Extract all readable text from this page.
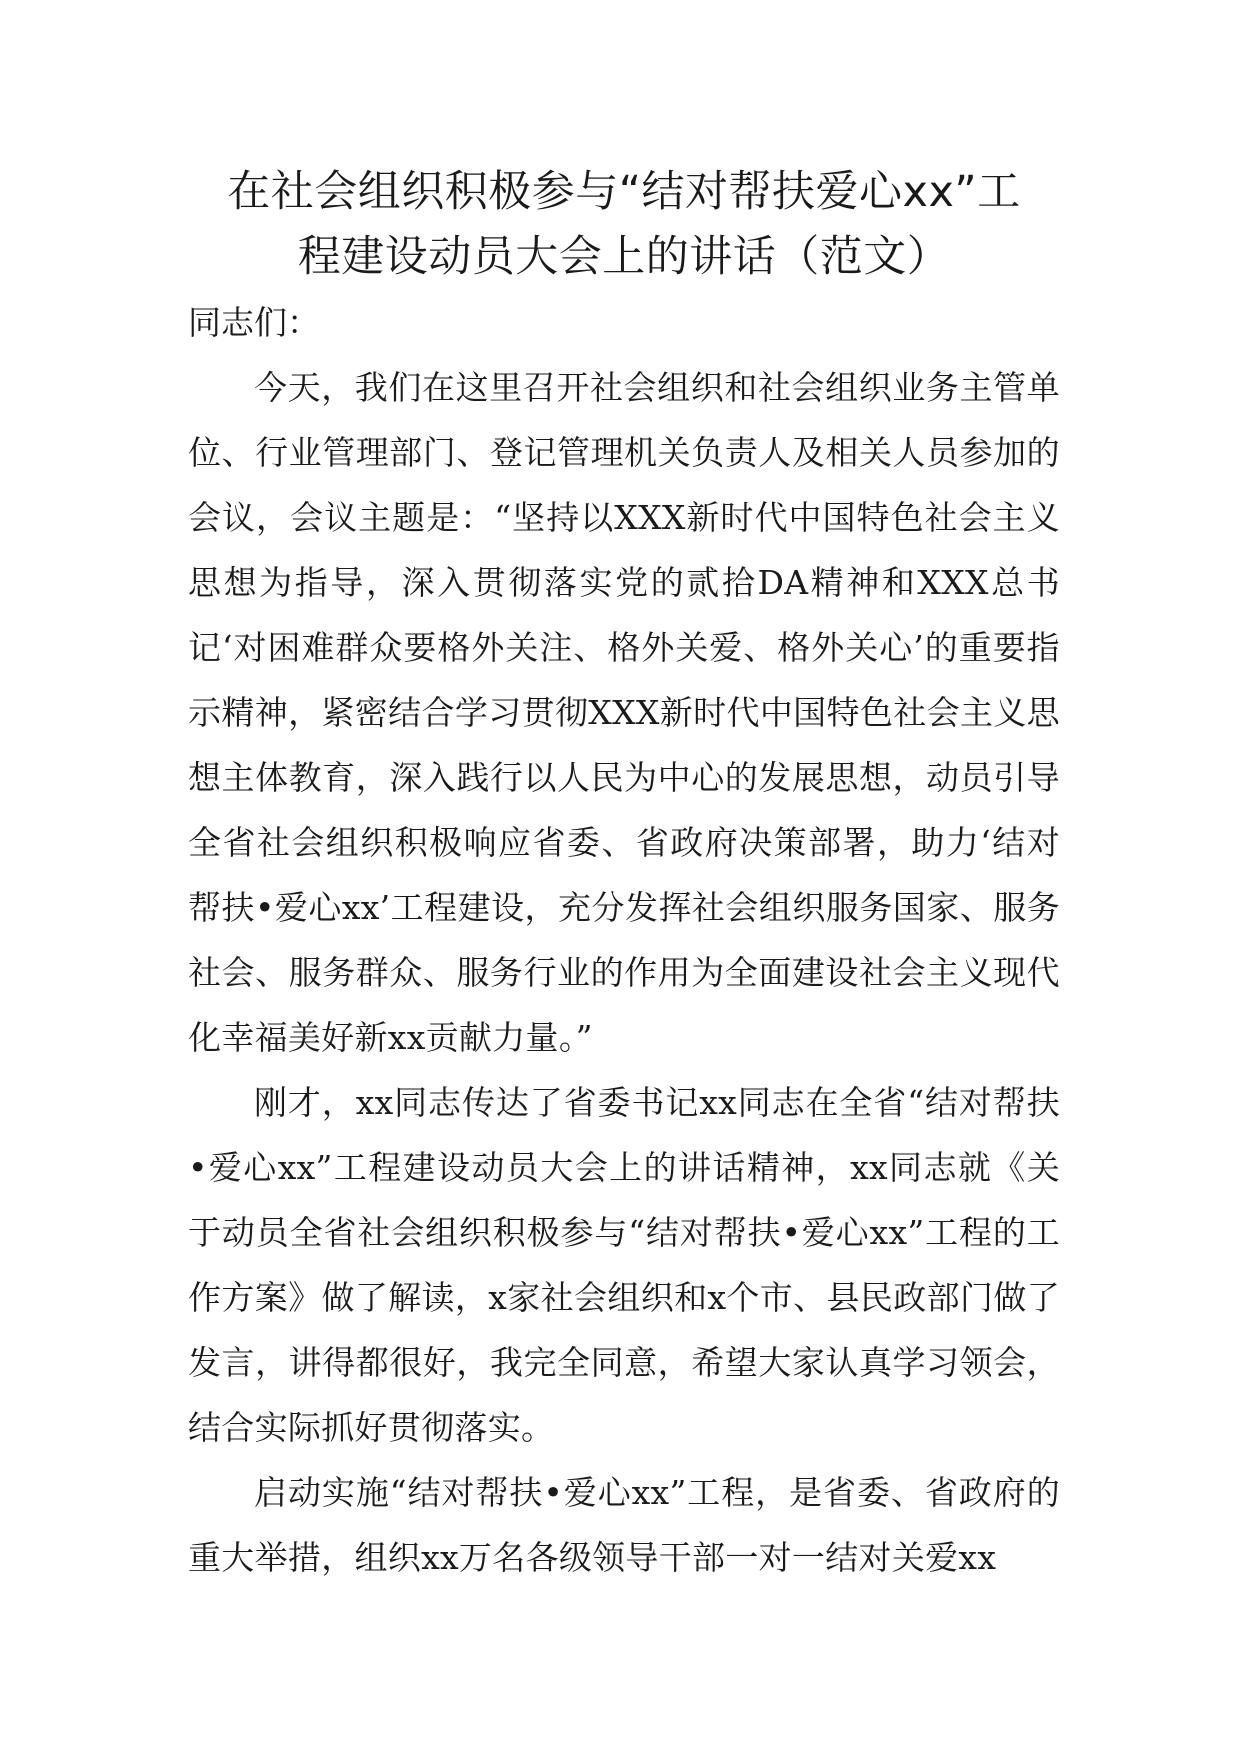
在社会组织积极参与“结对帮扶爱心xx”工
程建设动员大会上的讲话（范文）

同志们：

今天，我们在这里召开社会组织和社会组织业务主管单位、行业管理部门、登记管理机关负责人及相关人员参加的会议，会议主题是：“坚持以XXX新时代中国特色社会主义思想为指导，深入贯彻落实党的贰拾DA精神和XXX总书记‘对困难群众要格外关注、格外关爱、格外关心’的重要指示精神，紧密结合学习贯彻XXX新时代中国特色社会主义思想主体教育，深入践行以人民为中心的发展思想，动员引导全省社会组织积极响应省委、省政府决策部署，助力‘结对帮扶•爱心xx’工程建设，充分发挥社会组织服务国家、服务社会、服务群众、服务行业的作用为全面建设社会主义现代化幸福美好新xx贡献力量。”

刚才，xx同志传达了省委书记xx同志在全省“结对帮扶•爱心xx”工程建设动员大会上的讲话精神，xx同志就《关于动员全省社会组织积极参与“结对帮扶•爱心xx”工程的工作方案》做了解读，x家社会组织和x个市、县民政部门做了发言，讲得都很好，我完全同意，希望大家认真学习领会，结合实际抓好贯彻落实。

启动实施“结对帮扶•爱心xx”工程，是省委、省政府的重大举措，组织xx万名各级领导干部一对一结对关爱xx
